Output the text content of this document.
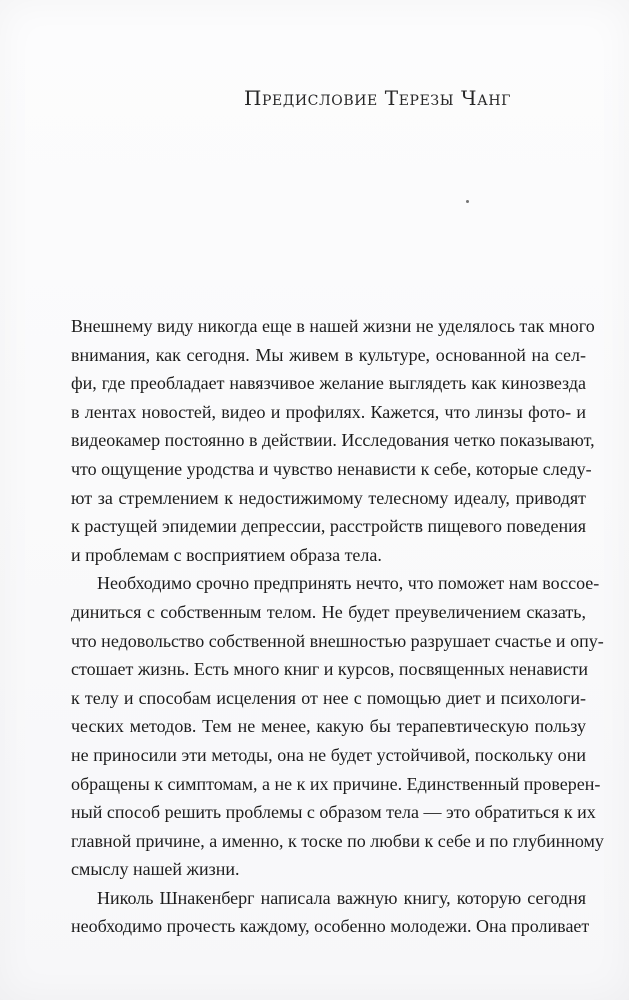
Предисловие Терезы Чанг
Внешнему виду никогда еще в нашей жизни не уделялось так много
внимания, как сегодня. Мы живем в культуре, основанной на сел-
фи, где преобладает навязчивое желание выглядеть как кинозвезда
в лентах новостей, видео и профилях. Кажется, что линзы фото- и
видеокамер постоянно в действии. Исследования четко показывают,
что ощущение уродства и чувство ненависти к себе, которые следу-
ют за стремлением к недостижимому телесному идеалу, приводят
к растущей эпидемии депрессии, расстройств пищевого поведения
и проблемам с восприятием образа тела.
Необходимо срочно предпринять нечто, что поможет нам воссое-
диниться с собственным телом. Не будет преувеличением сказать,
что недовольство собственной внешностью разрушает счастье и опу-
стошает жизнь. Есть много книг и курсов, посвященных ненависти
к телу и способам исцеления от нее с помощью диет и психологи-
ческих методов. Тем не менее, какую бы терапевтическую пользу
не приносили эти методы, она не будет устойчивой, поскольку они
обращены к симптомам, а не к их причине. Единственный проверен-
ный способ решить проблемы с образом тела — это обратиться к их
главной причине, а именно, к тоске по любви к себе и по глубинному
смыслу нашей жизни.
Николь Шнакенберг написала важную книгу, которую сегодня
необходимо прочесть каждому, особенно молодежи. Она проливает
